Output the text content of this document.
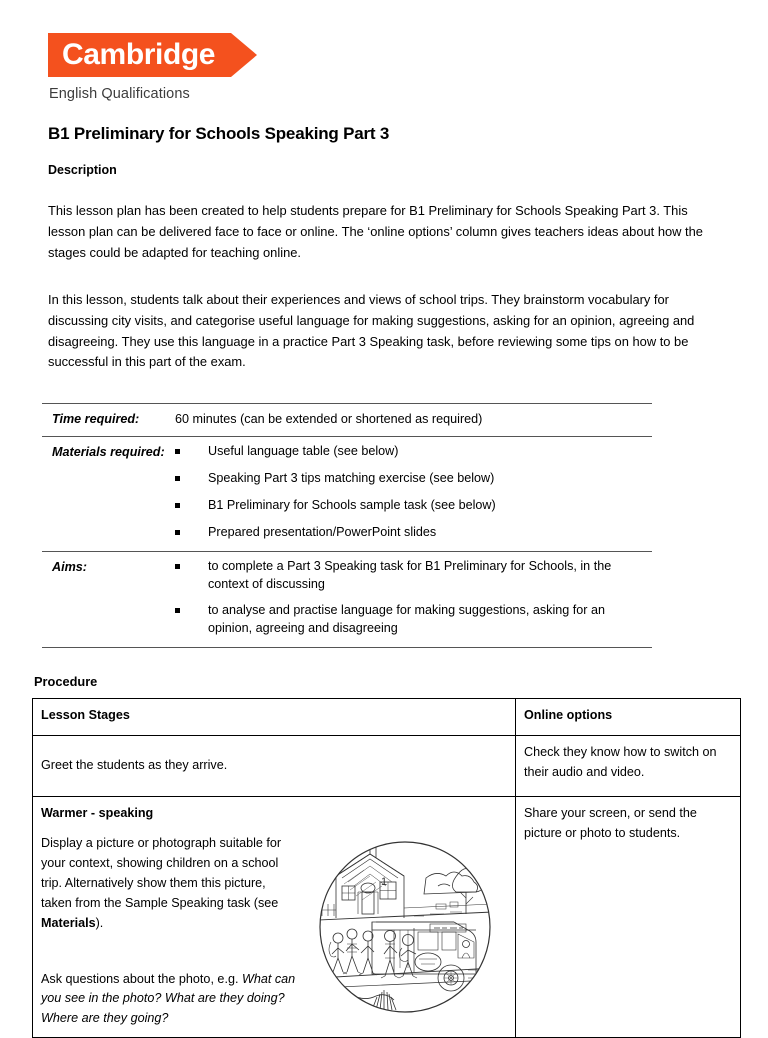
Cambridge
English Qualifications
B1 Preliminary for Schools Speaking Part 3
Description

This lesson plan has been created to help students prepare for B1 Preliminary for Schools Speaking Part 3. This lesson plan can be delivered face to face or online. The ‘online options’ column gives teachers ideas about how the stages could be adapted for teaching online.

In this lesson, students talk about their experiences and views of school trips. They brainstorm vocabulary for discussing city visits, and categorise useful language for making suggestions, asking for an opinion, agreeing and disagreeing. They use this language in a practice Part 3 Speaking task, before reviewing some tips on how to be successful in this part of the exam.

Time required:	60 minutes (can be extended or shortened as required)
Materials required:	Useful language table (see below)
Speaking Part 3 tips matching exercise (see below)
B1 Preliminary for Schools sample task (see below)
Prepared presentation/PowerPoint slides

Aims:	to complete a Part 3 Speaking task for B1 Preliminary for Schools, in the context of discussing
to analyse and practise language for making suggestions, asking for an opinion, agreeing and disagreeing
Procedure
Lesson Stages	Online options

Greet the students as they arrive.	Check they know how to switch on their audio and video.

Warmer - speaking

Display a picture or photograph suitable for your context, showing children on a school trip. Alternatively show them this picture, taken from the Sample Speaking task (see Materials).

Ask questions about the photo, e.g. What can you see in the photo? What are they doing? Where are they going?	Share your screen, or send the picture or photo to students.
1
